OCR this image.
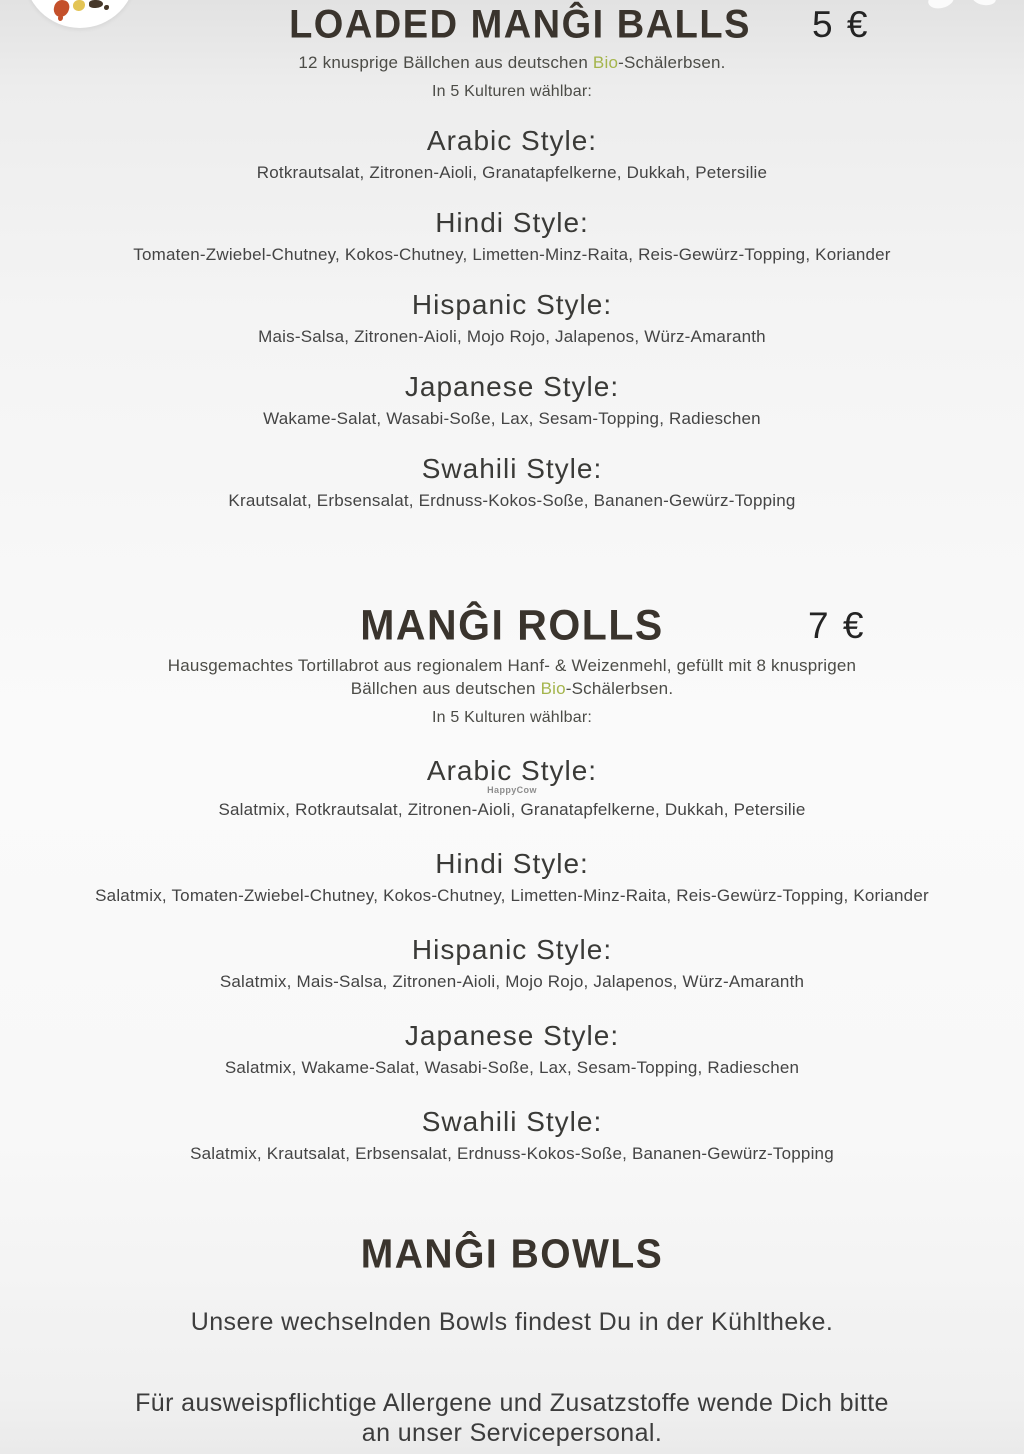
LOADED MANĜI BALLS 5 €
12 knusprige Bällchen aus deutschen Bio-Schälerbsen.
In 5 Kulturen wählbar:
Arabic Style:
Rotkrautsalat, Zitronen-Aioli, Granatapfelkerne, Dukkah, Petersilie
Hindi Style:
Tomaten-Zwiebel-Chutney, Kokos-Chutney, Limetten-Minz-Raita, Reis-Gewürz-Topping, Koriander
Hispanic Style:
Mais-Salsa, Zitronen-Aioli, Mojo Rojo, Jalapenos, Würz-Amaranth
Japanese Style:
Wakame-Salat, Wasabi-Soße, Lax, Sesam-Topping, Radieschen
Swahili Style:
Krautsalat, Erbsensalat, Erdnuss-Kokos-Soße, Bananen-Gewürz-Topping
MANĜI ROLLS	7 €
Hausgemachtes Tortillabrot aus regionalem Hanf- & Weizenmehl, gefüllt mit 8 knusprigen
Bällchen aus deutschen Bio-Schälerbsen.
In 5 Kulturen wählbar:
Arabic Style:
HappyCow
Salatmix, Rotkrautsalat, Zitronen-Aioli, Granatapfelkerne, Dukkah, Petersilie
Hindi Style:
Salatmix, Tomaten-Zwiebel-Chutney, Kokos-Chutney, Limetten-Minz-Raita, Reis-Gewürz-Topping, Koriander
Hispanic Style:
Salatmix, Mais-Salsa, Zitronen-Aioli, Mojo Rojo, Jalapenos, Würz-Amaranth
Japanese Style:
Salatmix, Wakame-Salat, Wasabi-Soße, Lax, Sesam-Topping, Radieschen
Swahili Style:
Salatmix, Krautsalat, Erbsensalat, Erdnuss-Kokos-Soße, Bananen-Gewürz-Topping
MANĜI BOWLS
Unsere wechselnden Bowls findest Du in der Kühltheke.
Für ausweispflichtige Allergene und Zusatzstoffe wende Dich bitte
an unser Servicepersonal.
